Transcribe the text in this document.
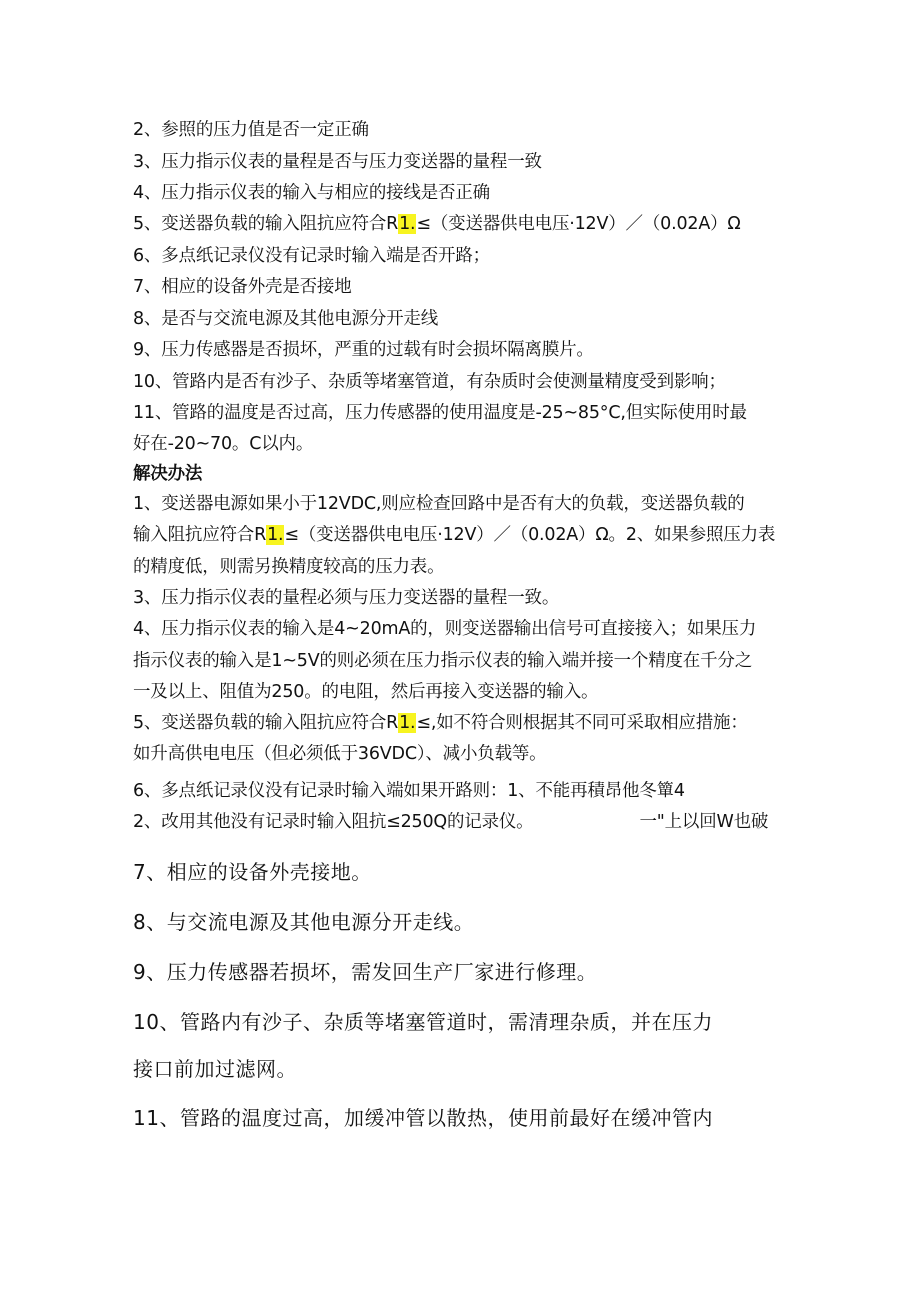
2、参照的压力值是否一定正确
3、压力指示仪表的量程是否与压力变送器的量程一致
4、压力指示仪表的输入与相应的接线是否正确
5、变送器负载的输入阻抗应符合R1.≤（变送器供电电压·12V）／（0.02A）Ω
6、多点纸记录仪没有记录时输入端是否开路；
7、相应的设备外壳是否接地
8、是否与交流电源及其他电源分开走线
9、压力传感器是否损坏，严重的过载有时会损坏隔离膜片。
10、管路内是否有沙子、杂质等堵塞管道，有杂质时会使测量精度受到影响；
11、管路的温度是否过高，压力传感器的使用温度是-25~85°C,但实际使用时最
好在-20~70。C以内。
解决办法
1、变送器电源如果小于12VDC,则应检查回路中是否有大的负载，变送器负载的
输入阻抗应符合R1.≤（变送器供电电压·12V）／（0.02A）Ω。2、如果参照压力表
的精度低，则需另换精度较高的压力表。
3、压力指示仪表的量程必须与压力变送器的量程一致。
4、压力指示仪表的输入是4~20mA的，则变送器输出信号可直接接入；如果压力
指示仪表的输入是1~5V的则必须在压力指示仪表的输入端并接一个精度在千分之
一及以上、阻值为250。的电阻，然后再接入变送器的输入。
5、变送器负载的输入阻抗应符合R1.≤,如不符合则根据其不同可采取相应措施：
如升高供电电压（但必须低于36VDC）、减小负载等。
6、多点纸记录仪没有记录时输入端如果开路则：1、不能再積昂他冬簞4
2、改用其他没有记录时输入阻抗≤250Q的记录仪。	一"上以回W也破
7、相应的设备外壳接地。
8、与交流电源及其他电源分开走线。
9、压力传感器若损坏，需发回生产厂家进行修理。
10、管路内有沙子、杂质等堵塞管道时，需清理杂质，并在压力
接口前加过滤网。
11、管路的温度过高，加缓冲管以散热，使用前最好在缓冲管内
